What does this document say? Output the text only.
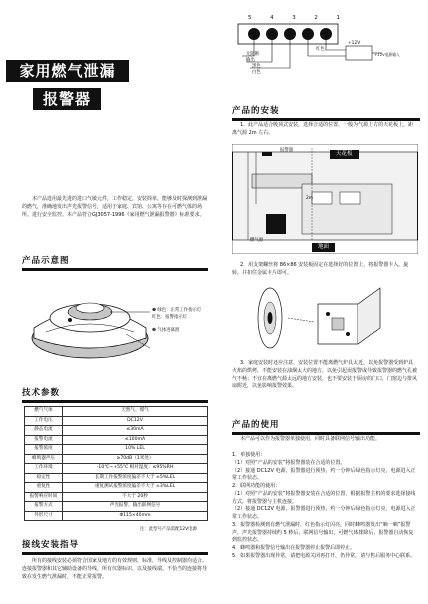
家用燃气泄漏
报警器
本产品选用最先进的进口气敏元件，工作稳定，安装简单，能够及时探测到泄漏的燃气，准确地发出声光报警信号，适用于家庭、宾馆、公寓等存在可燃气体的场所。进行安全监控。本产品符合GJ3057-1996《家用燃气泄漏报警器》标准要求。
产品示意图
❶ 绿色：正常工作指示灯
红色：报警指示灯
❷ 气体进离窗
技术参数
燃气气体	天然气、煤气
工作电压	DC12V
静态电流	≤30mA
报警电流	≤100mA
报警浓度	10% LEL
蜂鸣器声压	≥70dB（1米处）
工作环境	-10℃~+55℃ 相对湿度：≤95%RH
稳定性	长期工作报警浓度偏差不大于 ±5%LEL
重复性	重复测试报警浓度偏差不大于 ±3%LEL
报警响应时间	不大于 20秒
报警方式	声光报警，输出联网信号
外形尺寸	Φ115×40mm
注：此型号产品需配12V电源
接线安装指导
所有的接线安装必须符合国家及地方的有效规则、标准，导线及控制器均适合。连接报警器和其它辅助设备的导线，所有仪器标识、以及接线端。不恰当的连接将导致在发生燃气泄漏时，不能正常报警。
5	4	3	2	1
无阻断
输出
黑色
白色
红色
+12V
+12V电源输入
产品的安装
1．此产品适合吸顶式安装，选择合适的位置，一般为气源上方的天花板上，距离气源 2m 左右。
天花板
地面
报警器
燃气源
2m
2．用支架螺丝将 86×86 安装板固定在选择好的位置上，将报警器卡入，旋转，并扣住金属卡片即可。
3．家庭安装时还应注意，安装位置不能离燃气炉具太近，以免报警器受到炉具火焰的烘烤，不能安装在油烟太大的地方，以免引起误报警或导致报警器的燃气孔被气不畅；不宜在离燃气源太远的地方安装，也不要安装于厨房的门口，门窗边与排风扇附近，以免影响报警效果。
产品的使用
本产品可以作为报警器单独使用，同时具备联网信号输出功能。
1．单独使用：
（1）对照“产品的安装”将报警器装在合适的位置。
（2）接通 DC12V 电源，报警器进行预热，约一分钟后绿色指示灯亮，电源进入正常工作状态。
2．联网功能的使用：
（1）对照“产品的安装”将报警器安装在合适的位置，根据报警主机的要求选择接线方式，将报警器与主机连接。
（2）接通 DC12V 电源，报警器进行预热，约一分钟后绿色指示灯亮，电源进入正常工作状态。
3．报警器检测到有燃气泄漏时，红色指示灯闪亮，同时蜂鸣器发出“嘀一嘀”报警声，声光报警器持续约 5 秒后，联网信号输出，可燃气体排除后，报警器自动恢复到监控状态。
4．蜂鸣器和报警信号输出在报警器停止报警后即停止。
5．如果报警器出现异常，请把电源关闭再打开，仍异常，请与售后服务中心联系。
